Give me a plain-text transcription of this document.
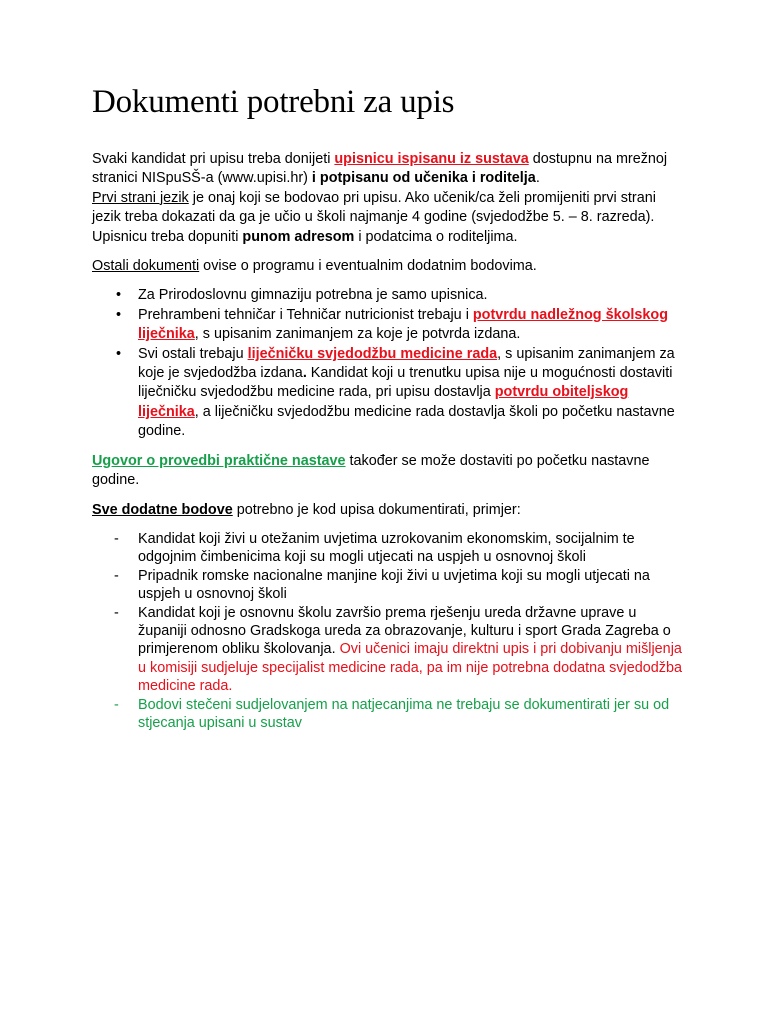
Dokumenti potrebni za upis

Svaki kandidat pri upisu treba donijeti upisnicu ispisanu iz sustava dostupnu na mrežnoj stranici NISpuSŠ-a (www.upisi.hr) i potpisanu od učenika i roditelja.
Prvi strani jezik je onaj koji se bodovao pri upisu. Ako učenik/ca želi promijeniti prvi strani jezik treba dokazati da ga je učio u školi najmanje 4 godine (svjedodžbe 5. – 8. razreda). Upisnicu treba dopuniti punom adresom i podatcima o roditeljima.

Ostali dokumenti ovise o programu i eventualnim dodatnim bodovima.

• Za Prirodoslovnu gimnaziju potrebna je samo upisnica.
• Prehrambeni tehničar i Tehničar nutricionist trebaju i potvrdu nadležnog školskog liječnika, s upisanim zanimanjem za koje je potvrda izdana.
• Svi ostali trebaju liječničku svjedodžbu medicine rada, s upisanim zanimanjem za koje je svjedodžba izdana. Kandidat koji u trenutku upisa nije u mogućnosti dostaviti liječničku svjedodžbu medicine rada, pri upisu dostavlja potvrdu obiteljskog liječnika, a liječničku svjedodžbu medicine rada dostavlja školi po početku nastavne godine.

Ugovor o provedbi praktične nastave također se može dostaviti po početku nastavne godine.

Sve dodatne bodove potrebno je kod upisa dokumentirati, primjer:

- Kandidat koji živi u otežanim uvjetima uzrokovanim ekonomskim, socijalnim te odgojnim čimbenicima koji su mogli utjecati na uspjeh u osnovnoj školi
- Pripadnik romske nacionalne manjine koji živi u uvjetima koji su mogli utjecati na uspjeh u osnovnoj školi
- Kandidat koji je osnovnu školu završio prema rješenju ureda državne uprave u županiji odnosno Gradskoga ureda za obrazovanje, kulturu i sport Grada Zagreba o primjerenom obliku školovanja. Ovi učenici imaju direktni upis i pri dobivanju mišljenja u komisiji sudjeluje specijalist medicine rada, pa im nije potrebna dodatna svjedodžba medicine rada.
- Bodovi stečeni sudjelovanjem na natjecanjima ne trebaju se dokumentirati jer su od stjecanja upisani u sustav
